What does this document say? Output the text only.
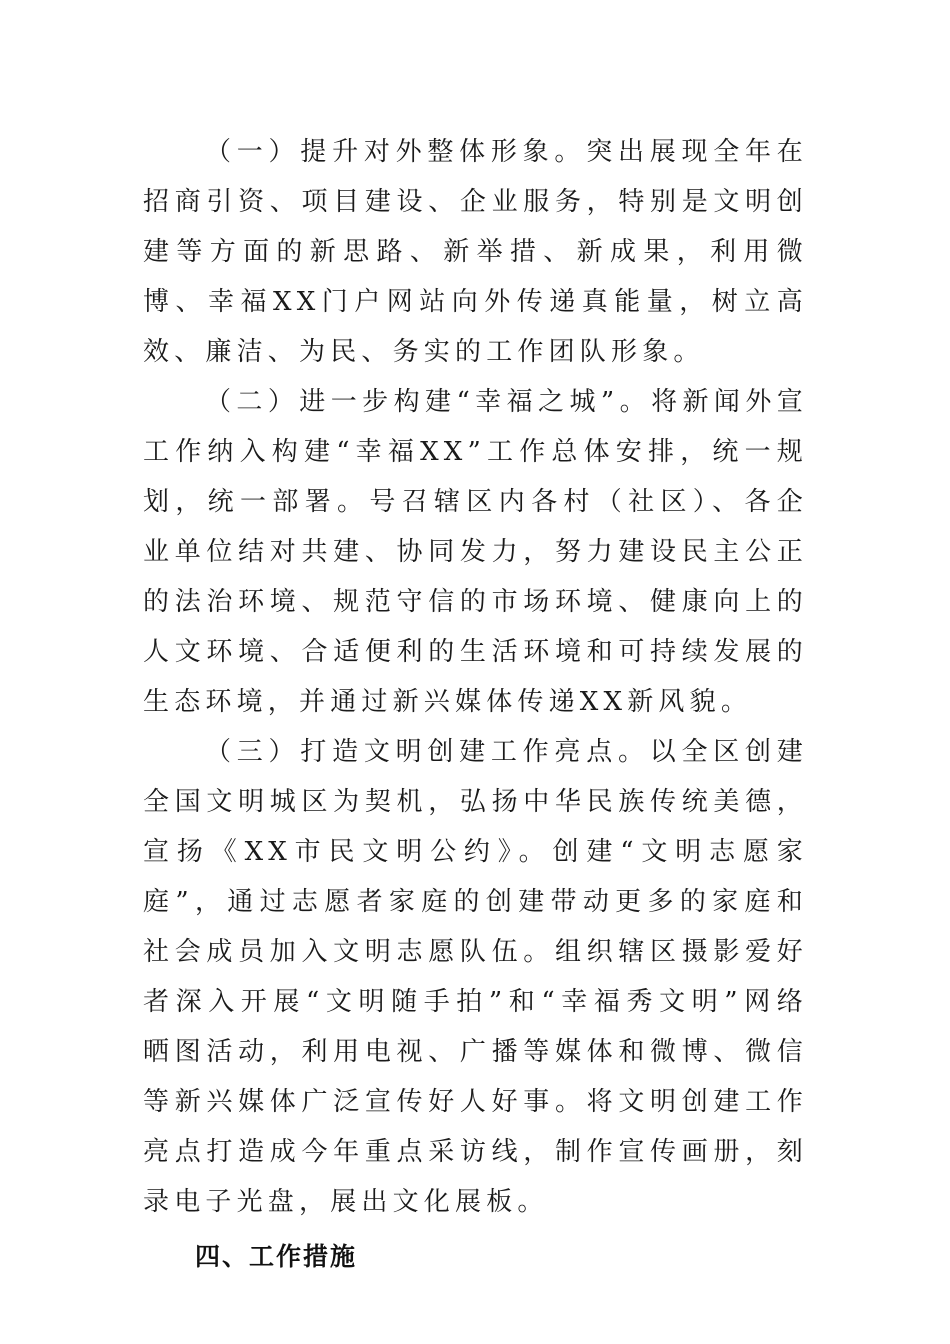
（一）提升对外整体形象。突出展现全年在招商引资、项目建设、企业服务，特别是文明创建等方面的新思路、新举措、新成果，利用微博、幸福XX门户网站向外传递真能量，树立高效、廉洁、为民、务实的工作团队形象。

（二）进一步构建“幸福之城”。将新闻外宣工作纳入构建“幸福XX”工作总体安排，统一规划，统一部署。号召辖区内各村（社区）、各企业单位结对共建、协同发力，努力建设民主公正的法治环境、规范守信的市场环境、健康向上的人文环境、合适便利的生活环境和可持续发展的生态环境，并通过新兴媒体传递XX新风貌。

（三）打造文明创建工作亮点。以全区创建全国文明城区为契机，弘扬中华民族传统美德，宣扬《XX市民文明公约》。创建“文明志愿家庭”，通过志愿者家庭的创建带动更多的家庭和社会成员加入文明志愿队伍。组织辖区摄影爱好者深入开展“文明随手拍”和“幸福秀文明”网络晒图活动，利用电视、广播等媒体和微博、微信等新兴媒体广泛宣传好人好事。将文明创建工作亮点打造成今年重点采访线，制作宣传画册，刻录电子光盘，展出文化展板。

四、工作措施
